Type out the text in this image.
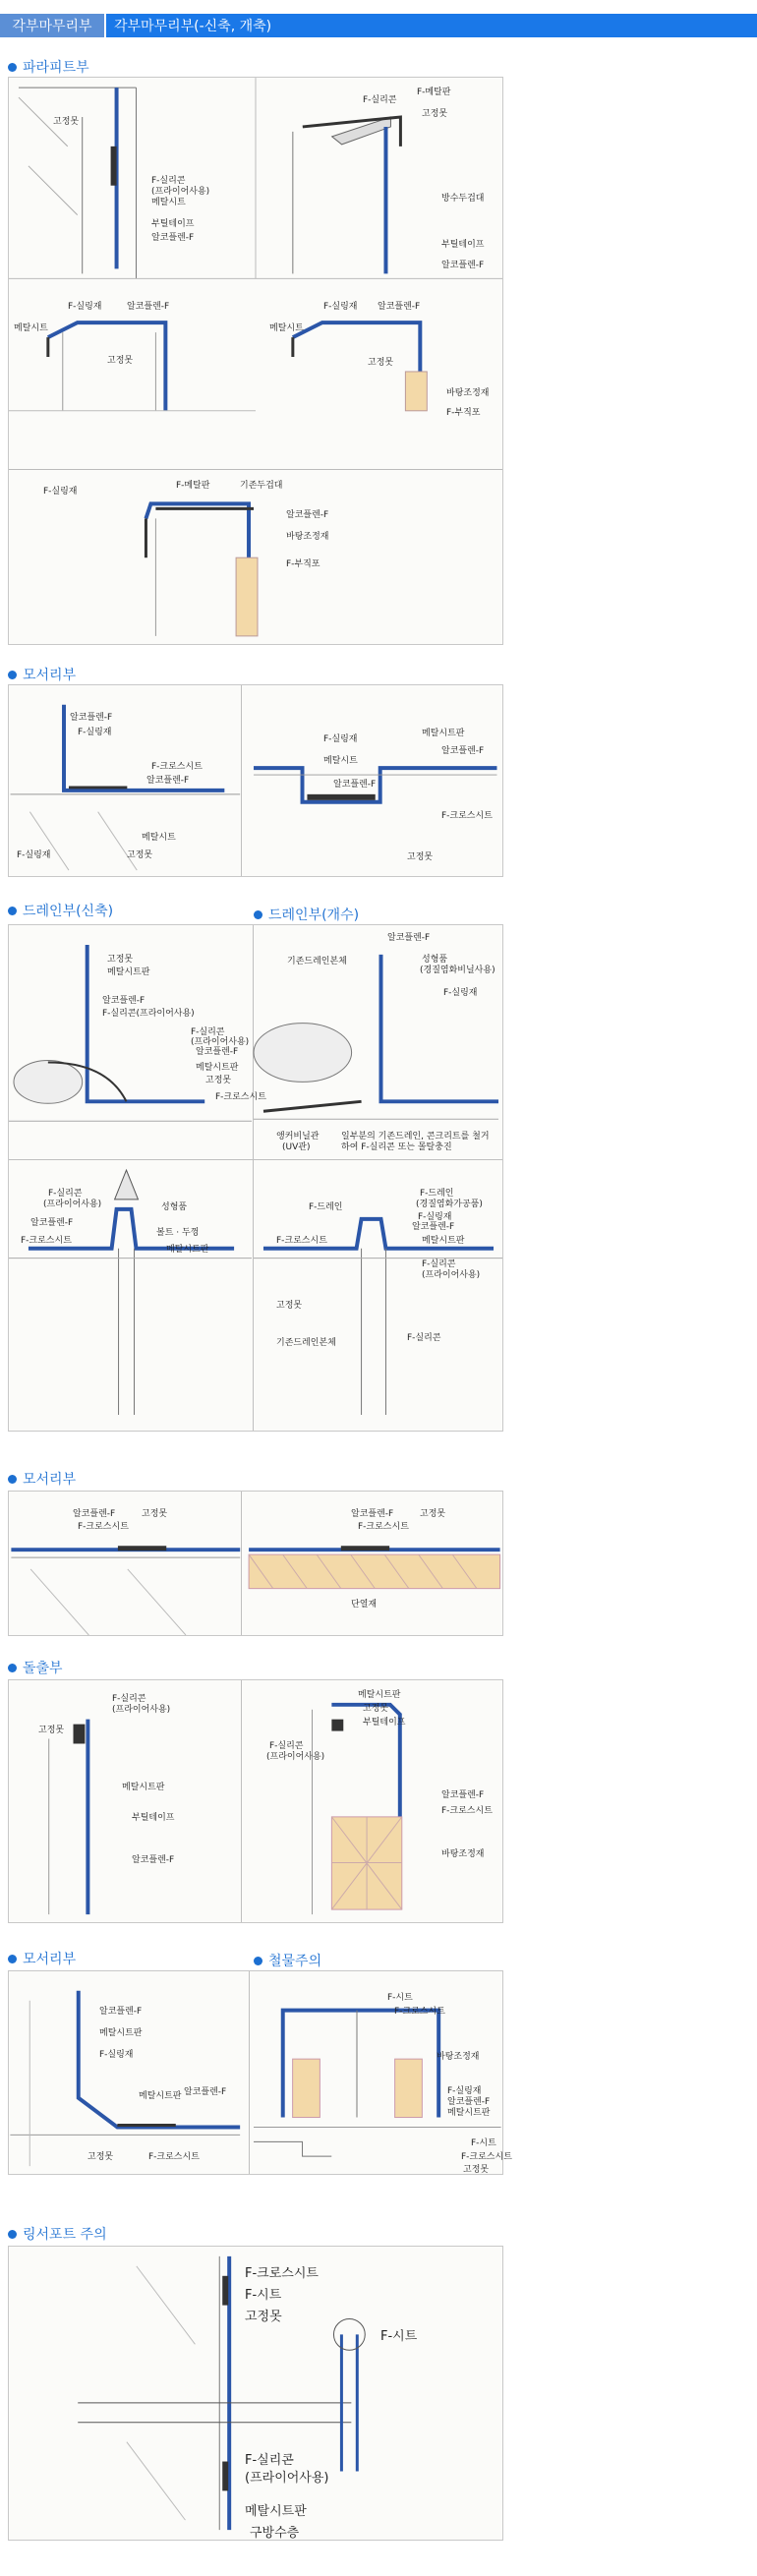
각부마무리부	각부마무리부(-신축, 개축)
파라피트부
고정못
F-실리콘
(프라이어사용)
메탈시트
부틸테이프
알코플렌-F
F-실리콘
F-메탈판
고정못
방수두겁대
부틸테이프
알코플렌-F
F-실링재	알코플렌-F
메탈시트
고정못
F-실링재 알코플렌-F
메탈시트
고정못
바탕조정재
F-부직포
F-실링재
F-메탈판	기존두겁대
알코플렌-F
바탕조정재
F-부직포
모서리부
알코플렌-F
F-실링재
F-크로스시트
알코플렌-F
메탈시트
F-실링재	고정못
F-실링재
메탈시트판
알코플렌-F
메탈시트
알코플렌-F
F-크로스시트
고정못
드레인부(신축)	드레인부(개수)
고정못
메탈시트판
알코플렌-F
F-실리콘(프라이어사용)
F-실리콘
(프라이어사용)
알코플렌-F
메탈시트판
고정못
F-크로스시트
알코플렌-F
기존드레인본체	성형품
(경질염화비닐사용)
F-실링재
앵커비닐관
(UV관)
일부분의 기존드레인, 콘크리트를 철거
하여 F-실리콘 또는 몰탈충진
F-실리콘
(프라이어사용)	성형품
알코플렌-F
볼트 · 두껑
F-크로스시트
메탈시트판
F-드레인
F-드레인
(경질염화가공품)
F-실링재
알코플렌-F
메탈시트판
F-크로스시트
F-실리콘
(프라이어사용)
고정못
기존드레인본체	F-실리콘
모서리부
알코플렌-F	고정못
F-크로스시트
알코플렌-F	고정못
F-크로스시트
단열재
돌출부
F-실리콘
(프라이어사용)
고정못
메탈시트판
부틸테이프
알코플렌-F
메탈시트판
고정못
부틸테이프
F-실리콘
(프라이어사용)
알코플렌-F
F-크로스시트
바탕조정재
모서리부	철물주의
알코플렌-F
메탈시트판
F-실링재
메탈시트판 알코플렌-F
고정못	F-크로스시트
F-시트
F-크로스시트
바탕조정재
F-실링재
알코플렌-F
메탈시트판
F-시트
F-크로스시트
고정못
링서포트 주의
F-크로스시트
F-시트
고정못
F-시트
F-실리콘
(프라이어사용)
메탈시트판
구방수층
